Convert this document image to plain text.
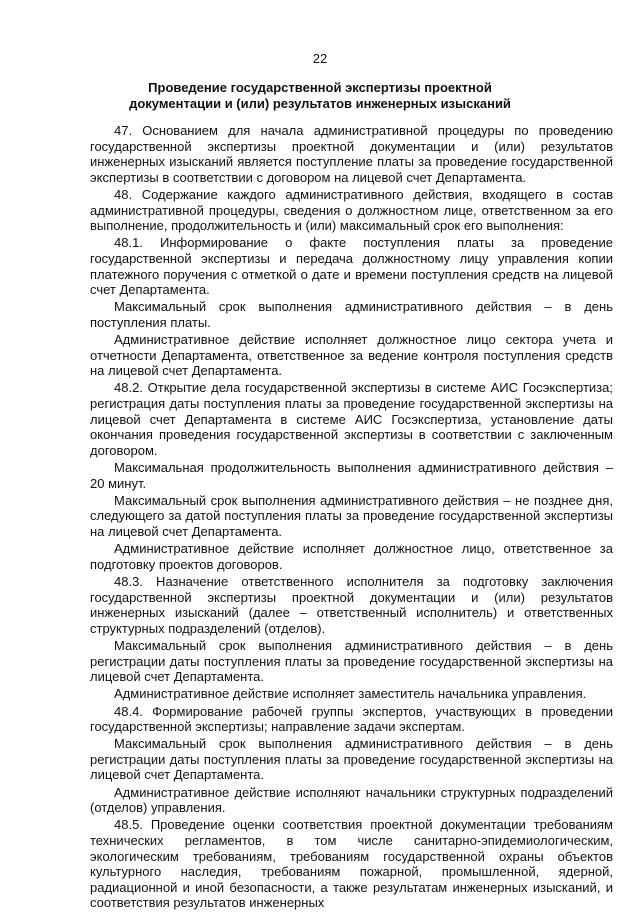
22
Проведение государственной экспертизы проектной
документации и (или) результатов инженерных изысканий

47. Основанием для начала административной процедуры по проведению государственной экспертизы проектной документации и (или) результатов инженерных изысканий является поступление платы за проведение государственной экспертизы в соответствии с договором на лицевой счет Департамента.

48. Содержание каждого административного действия, входящего в состав административной процедуры, сведения о должностном лице, ответственном за его выполнение, продолжительность и (или) максимальный срок его выполнения:

48.1. Информирование о факте поступления платы за проведение государственной экспертизы и передача должностному лицу управления копии платежного поручения с отметкой о дате и времени поступления средств на лицевой счет Департамента.

Максимальный срок выполнения административного действия – в день поступления платы.

Административное действие исполняет должностное лицо сектора учета и отчетности Департамента, ответственное за ведение контроля поступления средств на лицевой счет Департамента.

48.2. Открытие дела государственной экспертизы в системе АИС Госэкспертиза; регистрация даты поступления платы за проведение государственной экспертизы на лицевой счет Департамента в системе АИС Госэкспертиза, установление даты окончания проведения государственной экспертизы в соответствии с заключенным договором.

Максимальная продолжительность выполнения административного действия – 20 минут.

Максимальный срок выполнения административного действия – не позднее дня, следующего за датой поступления платы за проведение государственной экспертизы на лицевой счет Департамента.

Административное действие исполняет должностное лицо, ответственное за подготовку проектов договоров.

48.3. Назначение ответственного исполнителя за подготовку заключения государственной экспертизы проектной документации и (или) результатов инженерных изысканий (далее – ответственный исполнитель) и ответственных структурных подразделений (отделов).

Максимальный срок выполнения административного действия – в день регистрации даты поступления платы за проведение государственной экспертизы на лицевой счет Департамента.

Административное действие исполняет заместитель начальника управления.

48.4. Формирование рабочей группы экспертов, участвующих в проведении государственной экспертизы; направление задачи экспертам.

Максимальный срок выполнения административного действия – в день регистрации даты поступления платы за проведение государственной экспертизы на лицевой счет Департамента.

Административное действие исполняют начальники структурных подразделений (отделов) управления.

48.5. Проведение оценки соответствия проектной документации требованиям технических регламентов, в том числе санитарно-эпидемиологическим, экологическим требованиям, требованиям государственной охраны объектов культурного наследия, требованиям пожарной, промышленной, ядерной, радиационной и иной безопасности, а также результатам инженерных изысканий, и соответствия результатов инженерных
